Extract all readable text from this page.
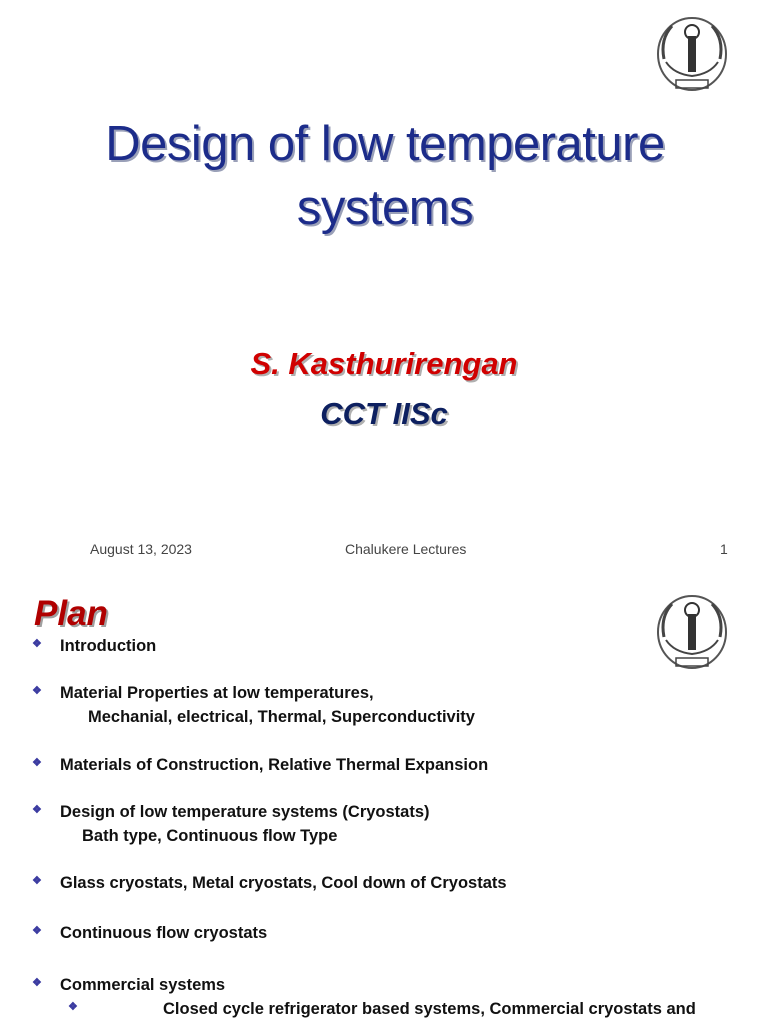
Design of low temperature
systems
S. Kasthurirengan
CCT IISc
August 13, 2023	Chalukere Lectures	1
Plan
❖ Introduction
❖ Material Properties at low temperatures,
Mechanial, electrical, Thermal, Superconductivity
❖ Materials of Construction, Relative Thermal Expansion
❖ Design of low temperature systems (Cryostats)
Bath type, Continuous flow Type
❖ Glass cryostats, Metal cryostats, Cool down of Cryostats
❖ Continuous flow cryostats
❖ Commercial systems
❖	Closed cycle refrigerator based systems, Commercial cryostats and
